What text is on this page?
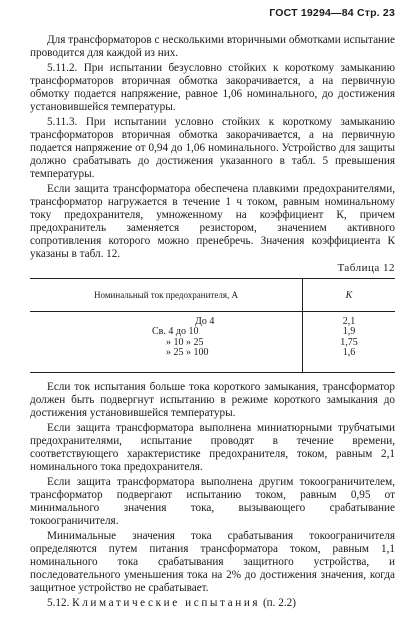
ГОСТ 19294—84 Стр. 23

Для трансформаторов с несколькими вторичными обмотками испытание проводится для каждой из них.

5.11.2. При испытании безусловно стойких к короткому замыканию трансформаторов вторичная обмотка закорачивается, а на первичную обмотку подается напряжение, равное 1,06 номинального, до достижения установившейся температуры.

5.11.3. При испытании условно стойких к короткому замыканию трансформаторов вторичная обмотка закорачивается, а на первичную подается напряжение от 0,94 до 1,06 номинального. Устройство для защиты должно срабатывать до достижения указанного в табл. 5 превышения температуры.

Если защита трансформатора обеспечена плавкими предохранителями, трансформатор нагружается в течение 1 ч током, равным номинальному току предохранителя, умноженному на коэффициент К, причем предохранитель заменяется резистором, значением активного сопротивления которого можно пренебречь. Значения коэффициента К указаны в табл. 12.

Таблица 12
Номинальный ток предохранителя, А	К
До 4	2,1
Св. 4 до 10	1,9
» 10 » 25	1,75
» 25 » 100	1,6

Если ток испытания больше тока короткого замыкания, трансформатор должен быть подвергнут испытанию в режиме короткого замыкания до достижения установившейся температуры.

Если защита трансформатора выполнена миниатюрными трубчатыми предохранителями, испытание проводят в течение времени, соответствующего характеристике предохранителя, током, равным 2,1 номинального тока предохранителя.

Если защита трансформатора выполнена другим токоограничителем, трансформатор подвергают испытанию током, равным 0,95 от минимального значения тока, вызывающего срабатывание токоограничителя.

Минимальные значения тока срабатывания токоограничителя определяются путем питания трансформатора током, равным 1,1 номинального тока срабатывания защитного устройства, и последовательного уменьшения тока на 2% до достижения значения, когда защитное устройство не срабатывает.

5.12. Климатические испытания (п. 2.2)
